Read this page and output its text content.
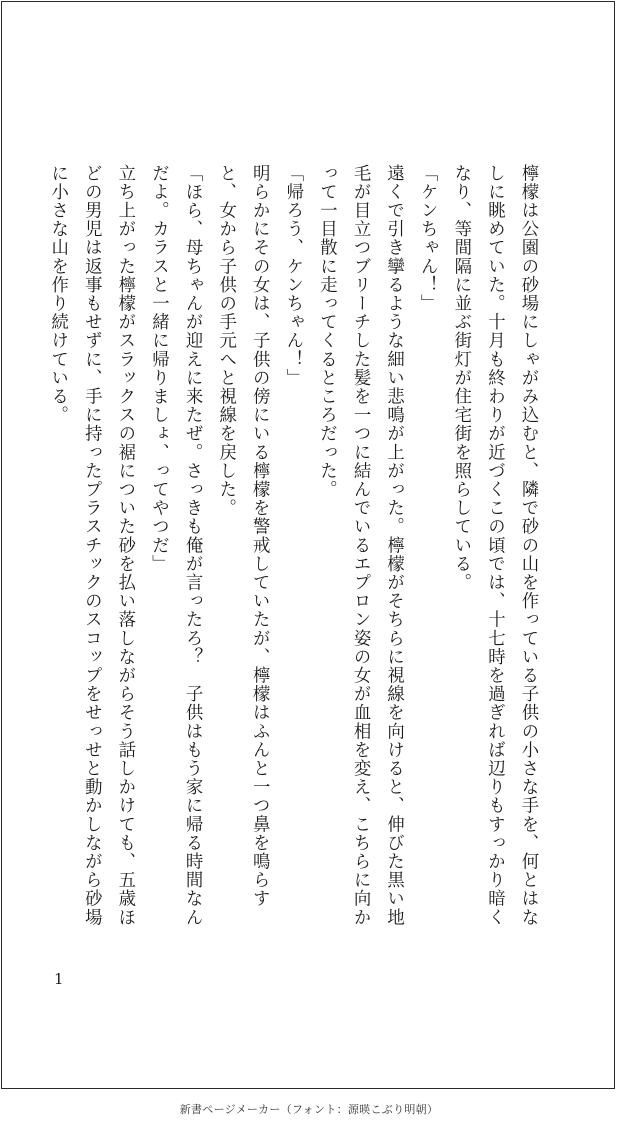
檸檬は公園の砂場にしゃがみ込むと、隣で砂の山を作っている子供の小さな手を、何とはなしに眺めていた。十月も終わりが近づくこの頃では、十七時を過ぎれば辺りもすっかり暗くなり、等間隔に並ぶ街灯が住宅街を照らしている。

「ケンちゃん！」

遠くで引き攣るような細い悲鳴が上がった。檸檬がそちらに視線を向けると、伸びた黒い地毛が目立つブリーチした髪を一つに結んでいるエプロン姿の女が血相を変え、こちらに向かって一目散に走ってくるところだった。

「帰ろう、ケンちゃん！」

明らかにその女は、子供の傍にいる檸檬を警戒していたが、檸檬はふんと一つ鼻を鳴らすと、女から子供の手元へと視線を戻した。

「ほら、母ちゃんが迎えに来たぜ。さっきも俺が言ったろ？　子供はもう家に帰る時間なんだよ。カラスと一緒に帰りましょ、ってやつだ」

立ち上がった檸檬がスラックスの裾についた砂を払い落しながらそう話しかけても、五歳ほどの男児は返事もせずに、手に持ったプラスチックのスコップをせっせと動かしながら砂場に小さな山を作り続けている。

1
新書ページメーカー（フォント：源暎こぶり明朝）
